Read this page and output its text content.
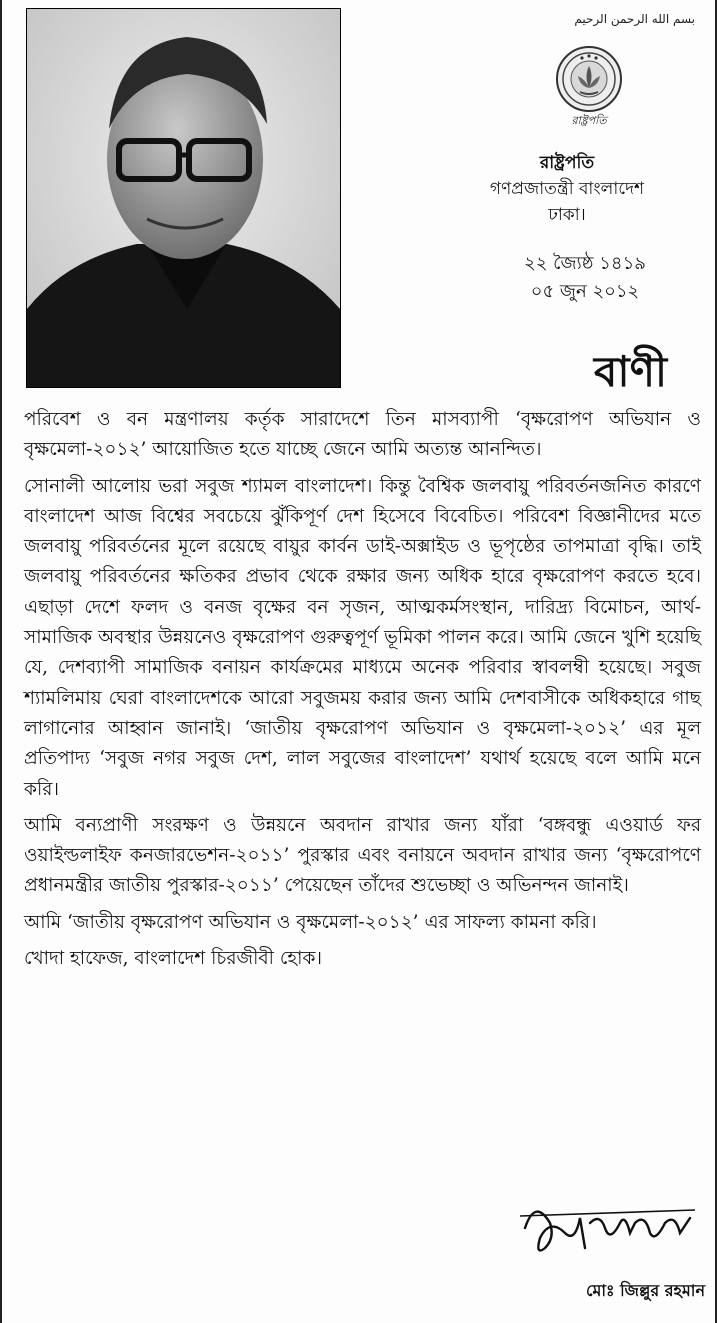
بسم الله الرحمن الرحيم
রাষ্ট্রপতি
রাষ্ট্রপতি
গণপ্রজাতন্ত্রী বাংলাদেশ
ঢাকা।
২২ জ্যৈষ্ঠ ১৪১৯
০৫ জুন ২০১২
বাণী

পরিবেশ ও বন মন্ত্রণালয় কর্তৃক সারাদেশে তিন মাসব্যাপী ‘বৃক্ষরোপণ অভিযান ও বৃক্ষমেলা-২০১২’ আয়োজিত হতে যাচ্ছে জেনে আমি অত্যন্ত আনন্দিত।

সোনালী আলোয় ভরা সবুজ শ্যামল বাংলাদেশ। কিন্তু বৈশ্বিক জলবায়ু পরিবর্তনজনিত কারণে বাংলাদেশ আজ বিশ্বের সবচেয়ে ঝুঁকিপূর্ণ দেশ হিসেবে বিবেচিত। পরিবেশ বিজ্ঞানীদের মতে জলবায়ু পরিবর্তনের মূলে রয়েছে বায়ুর কার্বন ডাই-অক্সাইড ও ভূপৃষ্ঠের তাপমাত্রা বৃদ্ধি। তাই জলবায়ু পরিবর্তনের ক্ষতিকর প্রভাব থেকে রক্ষার জন্য অধিক হারে বৃক্ষরোপণ করতে হবে। এছাড়া দেশে ফলদ ও বনজ বৃক্ষের বন সৃজন, আত্মকর্মসংস্থান, দারিদ্র্য বিমোচন, আর্থ-সামাজিক অবস্থার উন্নয়নেও বৃক্ষরোপণ গুরুত্বপূর্ণ ভূমিকা পালন করে। আমি জেনে খুশি হয়েছি যে, দেশব্যাপী সামাজিক বনায়ন কার্যক্রমের মাধ্যমে অনেক পরিবার স্বাবলম্বী হয়েছে। সবুজ শ্যামলিমায় ঘেরা বাংলাদেশকে আরো সবুজময় করার জন্য আমি দেশবাসীকে অধিকহারে গাছ লাগানোর আহ্বান জানাই। ‘জাতীয় বৃক্ষরোপণ অভিযান ও বৃক্ষমেলা-২০১২’ এর মূল প্রতিপাদ্য ‘সবুজ নগর সবুজ দেশ, লাল সবুজের বাংলাদেশ’ যথার্থ হয়েছে বলে আমি মনে করি।

আমি বন্যপ্রাণী সংরক্ষণ ও উন্নয়নে অবদান রাখার জন্য যাঁরা ‘বঙ্গবন্ধু এওয়ার্ড ফর ওয়াইল্ডলাইফ কনজারভেশন-২০১১’ পুরস্কার এবং বনায়নে অবদান রাখার জন্য ‘বৃক্ষরোপণে প্রধানমন্ত্রীর জাতীয় পুরস্কার-২০১১’ পেয়েছেন তাঁদের শুভেচ্ছা ও অভিনন্দন জানাই।

আমি ‘জাতীয় বৃক্ষরোপণ অভিযান ও বৃক্ষমেলা-২০১২’ এর সাফল্য কামনা করি।

খোদা হাফেজ, বাংলাদেশ চিরজীবী হোক।

মোঃ জিল্লুর রহমান
